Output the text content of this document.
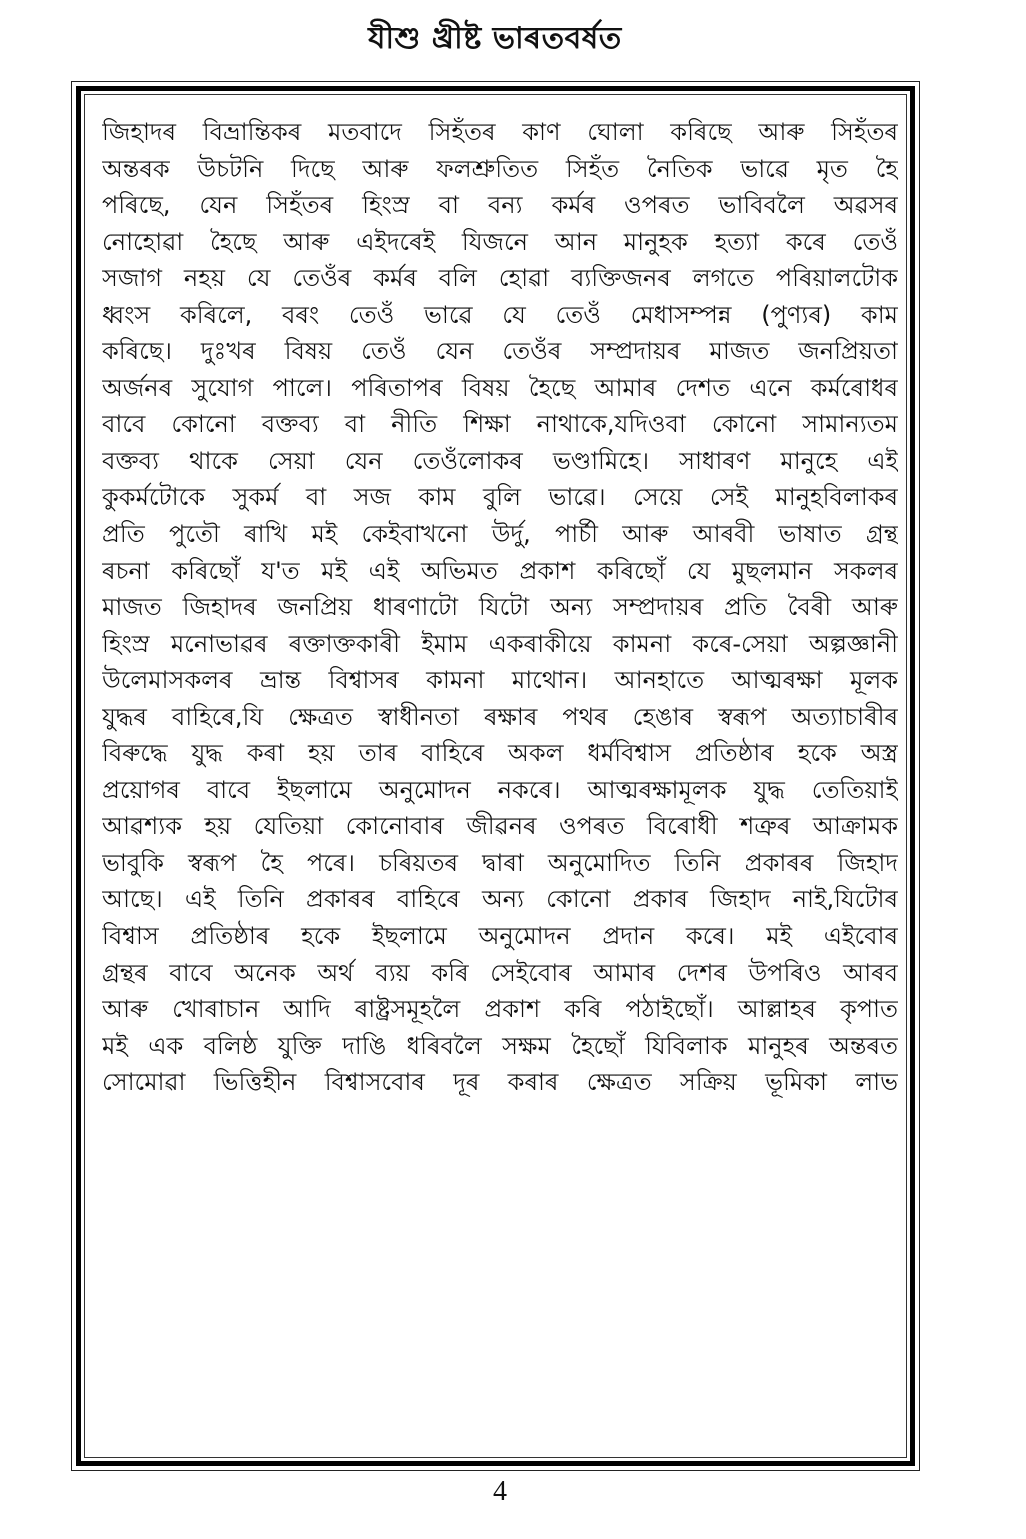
যীশু খ্ৰীষ্ট ভাৰতবৰ্ষত
জিহাদৰ বিভ্ৰান্তিকৰ মতবাদে সিহঁতৰ কাণ ঘোলা কৰিছে আৰু সিহঁতৰ
অন্তৰক উচটনি দিছে আৰু ফলশ্ৰুতিত সিহঁত নৈতিক ভাৱে মৃত হৈ
পৰিছে, যেন সিহঁতৰ হিংস্ৰ বা বন্য কৰ্মৰ ওপৰত ভাবিবলৈ অৱসৰ
নোহোৱা হৈছে আৰু এইদৰেই যিজনে আন মানুহক হত্যা কৰে তেওঁ
সজাগ নহয় যে তেওঁৰ কৰ্মৰ বলি হোৱা ব্যক্তিজনৰ লগতে পৰিয়ালটোক
ধ্বংস কৰিলে, বৰং তেওঁ ভাৱে যে তেওঁ মেধাসম্পন্ন (পুণ্যৰ) কাম
কৰিছে। দুঃখৰ বিষয় তেওঁ যেন তেওঁৰ সম্প্ৰদায়ৰ মাজত জনপ্ৰিয়তা
অৰ্জনৰ সুযোগ পালে। পৰিতাপৰ বিষয় হৈছে আমাৰ দেশত এনে কৰ্মৰোধৰ
বাবে কোনো বক্তব্য বা নীতি শিক্ষা নাথাকে,যদিওবা কোনো সামান্যতম
বক্তব্য থাকে সেয়া যেন তেওঁলোকৰ ভণ্ডামিহে। সাধাৰণ মানুহে এই
কুকৰ্মটোকে সুকৰ্ম বা সজ কাম বুলি ভাৱে। সেয়ে সেই মানুহবিলাকৰ
প্ৰতি পুতৌ ৰাখি মই কেইবাখনো উৰ্দু, পাৰ্চী আৰু আৰবী ভাষাত গ্ৰন্থ
ৰচনা কৰিছোঁ য'ত মই এই অভিমত প্ৰকাশ কৰিছোঁ যে মুছলমান সকলৰ
মাজত জিহাদৰ জনপ্ৰিয় ধাৰণাটো যিটো অন্য সম্প্ৰদায়ৰ প্ৰতি বৈৰী আৰু
হিংস্ৰ মনোভাৱৰ ৰক্তাক্তকাৰী ইমাম একৰাকীয়ে কামনা কৰে-সেয়া অল্পজ্ঞানী
উলেমাসকলৰ ভ্ৰান্ত বিশ্বাসৰ কামনা মাথোন। আনহাতে আত্মৰক্ষা মূলক
যুদ্ধৰ বাহিৰে,যি ক্ষেত্ৰত স্বাধীনতা ৰক্ষাৰ পথৰ হেঙাৰ স্বৰূপ অত্যাচাৰীৰ
বিৰুদ্ধে যুদ্ধ কৰা হয় তাৰ বাহিৰে অকল ধৰ্মবিশ্বাস প্ৰতিষ্ঠাৰ হকে অস্ত্ৰ
প্ৰয়োগৰ বাবে ইছলামে অনুমোদন নকৰে। আত্মৰক্ষামূলক যুদ্ধ তেতিয়াই
আৱশ্যক হয় যেতিয়া কোনোবাৰ জীৱনৰ ওপৰত বিৰোধী শত্ৰুৰ আক্ৰামক
ভাবুকি স্বৰূপ হৈ পৰে। চৰিয়তৰ দ্বাৰা অনুমোদিত তিনি প্ৰকাৰৰ জিহাদ
আছে। এই তিনি প্ৰকাৰৰ বাহিৰে অন্য কোনো প্ৰকাৰ জিহাদ নাই,যিটোৰ
বিশ্বাস প্ৰতিষ্ঠাৰ হকে ইছলামে অনুমোদন প্ৰদান কৰে। মই এইবোৰ
গ্ৰন্থৰ বাবে অনেক অৰ্থ ব্যয় কৰি সেইবোৰ আমাৰ দেশৰ উপৰিও আৰব
আৰু খোৰাচান আদি ৰাষ্ট্ৰসমূহলৈ প্ৰকাশ কৰি পঠাইছোঁ। আল্লাহৰ কৃপাত
মই এক বলিষ্ঠ যুক্তি দাঙি ধৰিবলৈ সক্ষম হৈছোঁ যিবিলাক মানুহৰ অন্তৰত
সোমোৱা ভিত্তিহীন বিশ্বাসবোৰ দূৰ কৰাৰ ক্ষেত্ৰত সক্ৰিয় ভূমিকা লাভ
4
